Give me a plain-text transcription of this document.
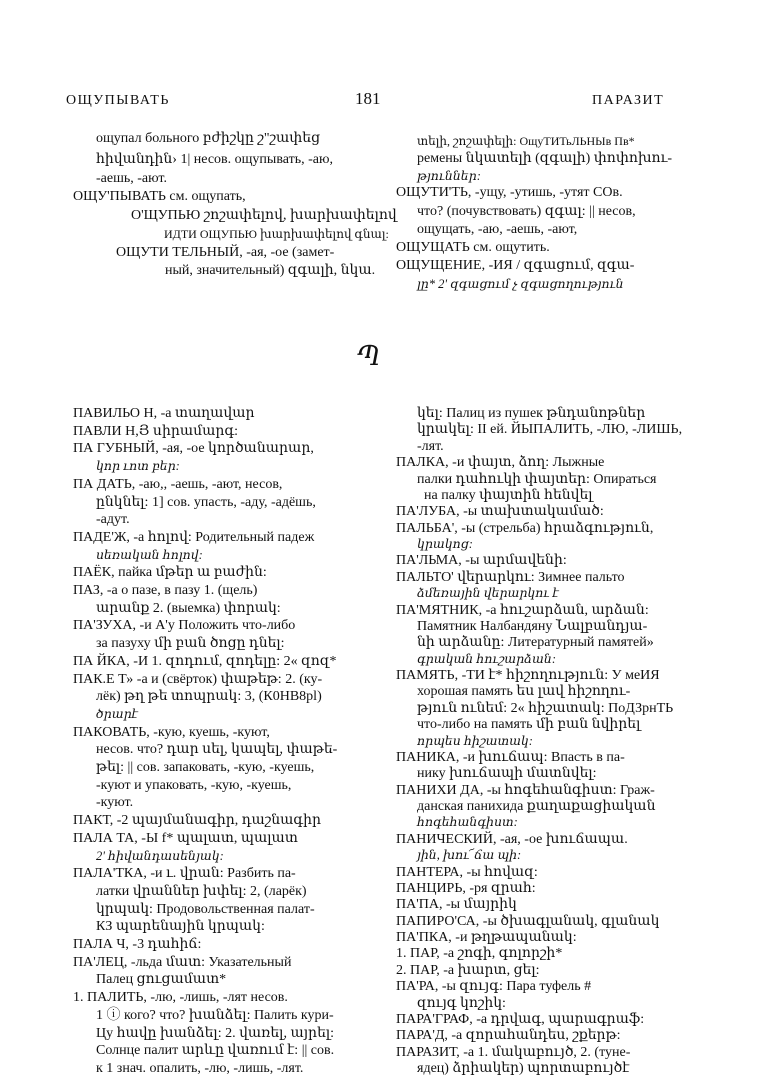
ОЩУПЫВАТЬ	181	ПАРАЗИТ
ощупал больного բժիշկը շ"շափեց
հիվանդին› 1| несов. ощупывать, -аю,
-аешь, -ают.
ОЩУ'ПЫВАТЬ см. ощупать,
О'ЩУПЬЮ շոշափելով, խարխափելով
ИДТИ ОЩУПЬЮ խարխափելով գնալ:
ОЩУТИ ТЕЛЬНЫЙ, -ая, -ое (замет-
ный, значительный) զգալի, նկա.
տելի, շոշափելի: ОщуТИТьЛЬНЫв Пв*
ремены նկատելի (զգալի) փոփոխու-
թյուններ:
ОЩУТИ'ТЬ, -ущу, -утишь, -утят СОв.
что? (почувствовать) զգալ: || несов,
ощущать, -аю, -аешь, -ают,
ОЩУЩАТЬ см. ощутить.
ОЩУЩЕНИЕ, -ИЯ / զգացում, զգա-
լը* 2' զգացում չ զգացողություն
Պ
ПАВИЛЬО Н, -а տաղավար
ПАВЛИ Н,Յ սիրամարգ:
ПА ГУБНЫЙ, -ая, -ое կործանարար,
կոր ւոտ բեր:
ПА ДАТЬ, -аю,, -аешь, -ают, несов,
ընկնել: 1] сов. упасть, -аду, -адёшь,
-адут.
ПАДЕ'Ж, -а հոլով: Родительный падеж
սեռական հոլով:
ПАЁК, пайка մթեր ա բաժին:
ПАЗ, -а о пазе, в пазу 1. (щель)
արանք 2. (выемка) փորակ:
ПА'ЗУХА, -и А'у Положить что-либо
за пазуху մի բան ծոցը դնել:
ПА ЙКА, -И 1. զոդում, զոդելը: 2« զոզ*
ПАК.Е Т» -а и (свёрток) փաթեթ: 2. (ку-
лёк) թղ թե տոպրակ: 3, (К0НВ8рl)
ծրարէ
ПАКОВАТЬ, -кую, куешь, -куют,
несов. что? դար սել, կապել, փաթե-
թել: || сов. запаковать, -кую, -куешь,
-куют и упаковать, -кую, -куешь,
-куют.
ПАКТ, -2 պայմանագիր, դաշնագիր
ПАЛА ТА, -Ы f* պալատ, պալատ
2' հիվանդասենյակ:
ПАЛА'ТКА, -и ւ. վրան: Разбить па-
латки վրաններ խփել: 2, (ларёк)
կրպակ: Продовольственная палат-
КЗ պարենային կրպակ:
ПАЛА Ч, -3 դահիճ:
ПА'ЛЕЦ, -льда մատ: Указательный
Палец ցուցամատ*
1. ПАЛИТЬ, -лю, -лишь, -лят несов.
1 ⓘ кого? что? խանձել: Палить кури-
Цу հավը խանձել: 2. վառել, այրել:
Солнце палит արևը վառում է: || сов.
к 1 знач. опалить, -лю, -лишь, -лят.
կել: Палиц из пушек թնդանոթներ
կրակել: II ей. ЙЫПАЛИТЬ, -ЛЮ, -ЛИШЬ,
-лят.
ПАЛКА, -и փայտ, ձող: Лыжные
палки դահուկի փայտեր: Опираться
на палку փայտին հենվել
ПА'ЛУБА, -ы տախտակամած:
ПАЛЬБА', -ы (стрельба) հրաձգություն,
կրակոց:
ПА'ЛЬМА, -ы արմավենի:
ПАЛЬТО' վերարկու: Зимнее пальто
ձմեռային վերարկու է
ПА'МЯТНИК, -а հուշարձան, արձան:
Памятник Налбандяну Նալբանդյա-
նի արձանը: Литературный памятей»
գրական հուշարձան:
ПАМЯТЬ, -ТИ է* հիշողություն: У меИЯ
хорошая память ես լավ հիշողու-
թյուն ունեմ: 2« հիշատակ: ПоДЗрнТЬ
что-либо на память մի բան նվիրել
որպես հիշատակ:
ПАНИКА, -и խուճապ: Впасть в па-
нику խուճապի մատնվել:
ПАНИХИ ДА, -ы հոգեհանգիստ: Граж-
данская панихида քաղաքացիական
հոգեհանգիստ:
ПАНИЧЕСКИЙ, -ая, -ое խուճապա.
յին, խու՜ճա պի:
ПАНТЕРА, -ы հովազ:
ПАНЦИРЬ, -ря զրահ:
ПА'ПА, -ы մայրիկ
ПАПИРО'СА, -ы ծխագլանակ, գլանակ
ПА'ПКА, -и թղթապանակ:
1. ПАР, -а շոգի, գոլորշի*
2. ПАР, -а խարտ, ցել:
ПА'РА, -ы զույգ: Пара туфель #
զույգ կոշիկ:
ПАРА'ГРАФ, -а դրվագ, պարագրաֆ:
ПАРА'Д, -а զորահանդես, շքերթ:
ПАРАЗИТ, -а 1. մակաբույծ, 2. (туне-
ядец) ձրիակեր) պորտաբույծէ
